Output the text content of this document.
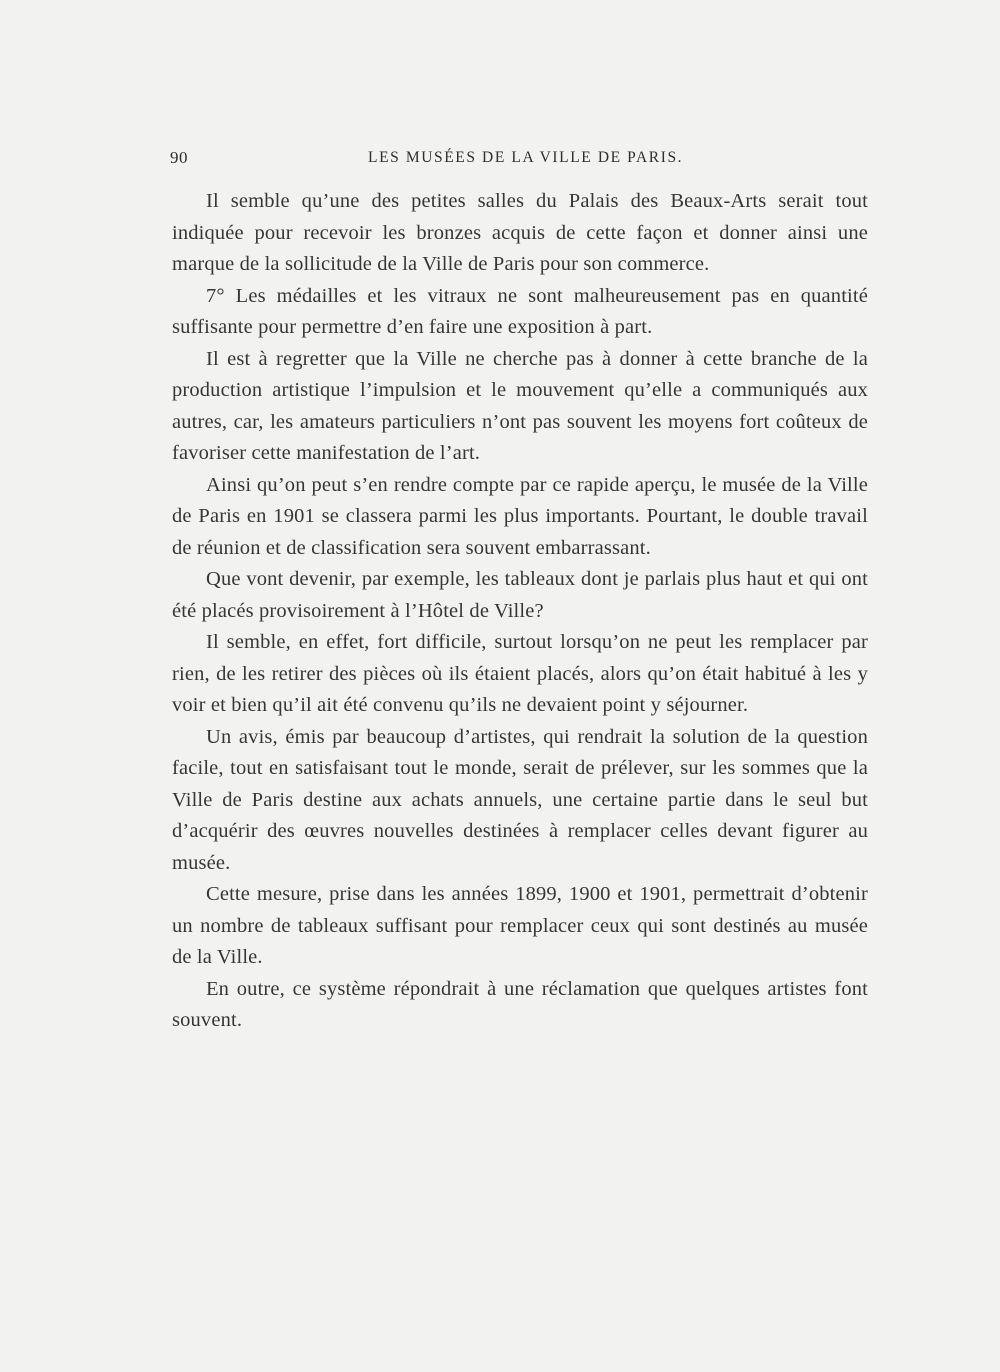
90	LES MUSÉES DE LA VILLE DE PARIS.

Il semble qu’une des petites salles du Palais des Beaux-Arts serait tout indiquée pour recevoir les bronzes acquis de cette façon et donner ainsi une marque de la sollicitude de la Ville de Paris pour son commerce.

7° Les médailles et les vitraux ne sont malheureusement pas en quantité suffisante pour permettre d’en faire une exposition à part.

Il est à regretter que la Ville ne cherche pas à donner à cette branche de la production artistique l’impulsion et le mouvement qu’elle a communiqués aux autres, car, les amateurs particuliers n’ont pas souvent les moyens fort coûteux de favoriser cette manifestation de l’art.

Ainsi qu’on peut s’en rendre compte par ce rapide aperçu, le musée de la Ville de Paris en 1901 se classera parmi les plus importants. Pourtant, le double travail de réunion et de classification sera souvent embarrassant.

Que vont devenir, par exemple, les tableaux dont je parlais plus haut et qui ont été placés provisoirement à l’Hôtel de Ville?

Il semble, en effet, fort difficile, surtout lorsqu’on ne peut les remplacer par rien, de les retirer des pièces où ils étaient placés, alors qu’on était habitué à les y voir et bien qu’il ait été convenu qu’ils ne devaient point y séjourner.

Un avis, émis par beaucoup d’artistes, qui rendrait la solution de la question facile, tout en satisfaisant tout le monde, serait de prélever, sur les sommes que la Ville de Paris destine aux achats annuels, une certaine partie dans le seul but d’acquérir des œuvres nouvelles destinées à remplacer celles devant figurer au musée.

Cette mesure, prise dans les années 1899, 1900 et 1901, permettrait d’obtenir un nombre de tableaux suffisant pour remplacer ceux qui sont destinés au musée de la Ville.

En outre, ce système répondrait à une réclamation que quelques artistes font souvent.
